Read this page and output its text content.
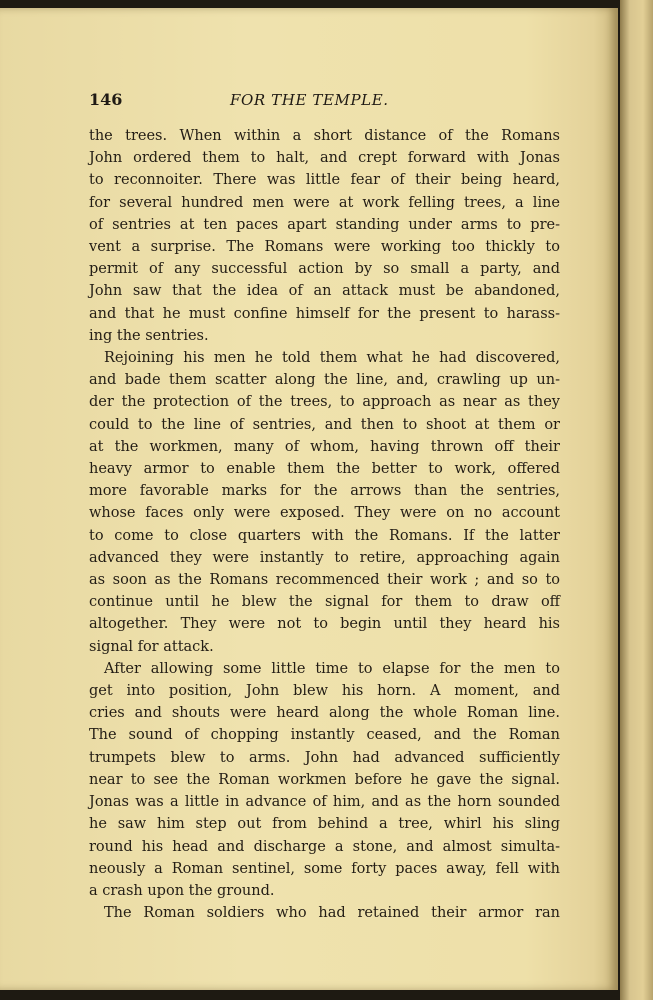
146	FOR THE TEMPLE.
the trees. When within a short distance of the Romans
John ordered them to halt, and crept forward with Jonas
to reconnoiter. There was little fear of their being heard,
for several hundred men were at work felling trees, a line
of sentries at ten paces apart standing under arms to pre-
vent a surprise. The Romans were working too thickly to
permit of any successful action by so small a party, and
John saw that the idea of an attack must be abandoned,
and that he must confine himself for the present to harass-
ing the sentries.
Rejoining his men he told them what he had discovered,
and bade them scatter along the line, and, crawling up un-
der the protection of the trees, to approach as near as they
could to the line of sentries, and then to shoot at them or
at the workmen, many of whom, having thrown off their
heavy armor to enable them the better to work, offered
more favorable marks for the arrows than the sentries,
whose faces only were exposed. They were on no account
to come to close quarters with the Romans. If the latter
advanced they were instantly to retire, approaching again
as soon as the Romans recommenced their work ; and so to
continue until he blew the signal for them to draw off
altogether. They were not to begin until they heard his
signal for attack.
After allowing some little time to elapse for the men to
get into position, John blew his horn. A moment, and
cries and shouts were heard along the whole Roman line.
The sound of chopping instantly ceased, and the Roman
trumpets blew to arms. John had advanced sufficiently
near to see the Roman workmen before he gave the signal.
Jonas was a little in advance of him, and as the horn sounded
he saw him step out from behind a tree, whirl his sling
round his head and discharge a stone, and almost simulta-
neously a Roman sentinel, some forty paces away, fell with
a crash upon the ground.
The Roman soldiers who had retained their armor ran
